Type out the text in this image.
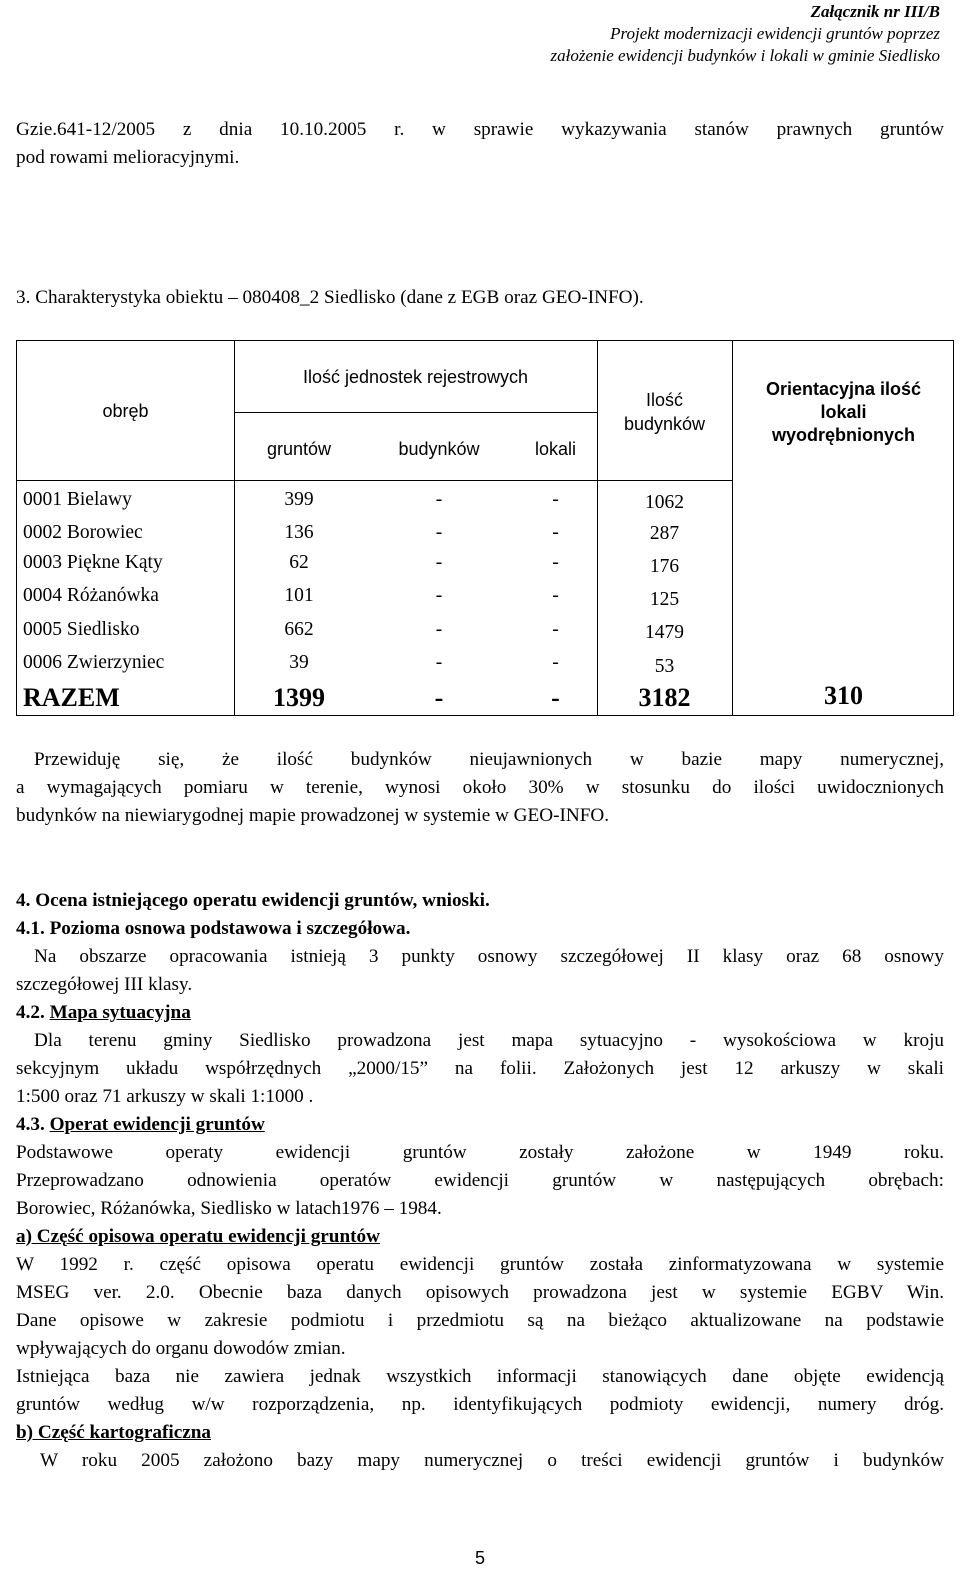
Załącznik nr III/B
Projekt modernizacji ewidencji gruntów poprzez
założenie ewidencji budynków i lokali w gminie Siedlisko
Gzie.641-12/2005 z dnia 10.10.2005 r. w sprawie wykazywania stanów prawnych gruntów
pod rowami melioracyjnymi.
3. Charakterystyka obiektu – 080408_2 Siedlisko (dane z EGB oraz GEO-INFO).
obręb
Ilość jednostek rejestrowych
gruntów	budynków	lokali
Ilość
budynków
Orientacyjna ilość
lokali
wyodrębnionych
0001 Bielawy	399	-	-	1062
0002 Borowiec	136	-	-	287
0003 Piękne Kąty	62	-	-	176
0004 Różanówka	101	-	-	125
0005 Siedlisko	662	-	-	1479
0006 Zwierzyniec	39	-	-	53
RAZEM	1399	-	-	3182	310
Przewiduję się, że ilość budynków nieujawnionych w bazie mapy numerycznej,
a wymagających pomiaru w terenie, wynosi około 30% w stosunku do ilości uwidocznionych
budynków na niewiarygodnej mapie prowadzonej w systemie w GEO-INFO.
4. Ocena istniejącego operatu ewidencji gruntów, wnioski.
4.1. Pozioma osnowa podstawowa i szczegółowa.
Na obszarze opracowania istnieją 3 punkty osnowy szczegółowej II klasy oraz 68 osnowy
szczegółowej III klasy.
4.2. Mapa sytuacyjna
Dla terenu gminy Siedlisko prowadzona jest mapa sytuacyjno - wysokościowa w kroju
sekcyjnym układu współrzędnych „2000/15” na folii. Założonych jest 12 arkuszy w skali
1:500 oraz 71 arkuszy w skali 1:1000 .
4.3. Operat ewidencji gruntów
Podstawowe operaty ewidencji gruntów zostały założone w 1949 roku.
Przeprowadzano odnowienia operatów ewidencji gruntów w następujących obrębach:
Borowiec, Różanówka, Siedlisko w latach1976 – 1984.
a) Część opisowa operatu ewidencji gruntów
W 1992 r. część opisowa operatu ewidencji gruntów została zinformatyzowana w systemie
MSEG ver. 2.0. Obecnie baza danych opisowych prowadzona jest w systemie EGBV Win.
Dane opisowe w zakresie podmiotu i przedmiotu są na bieżąco aktualizowane na podstawie
wpływających do organu dowodów zmian.
Istniejąca baza nie zawiera jednak wszystkich informacji stanowiących dane objęte ewidencją
gruntów według w/w rozporządzenia, np. identyfikujących podmioty ewidencji, numery dróg.
b) Część kartograficzna
W roku 2005 założono bazy mapy numerycznej o treści ewidencji gruntów i budynków
5
